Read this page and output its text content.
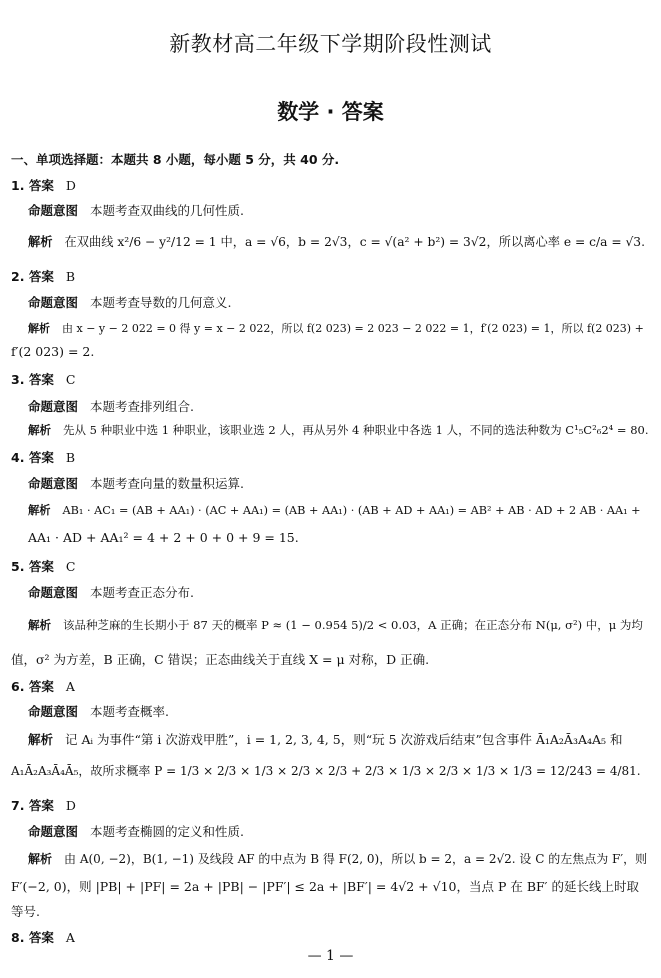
新教材高二年级下学期阶段性测试
数学 · 答案
一、单项选择题：本题共 8 小题，每小题 5 分，共 40 分.
1. 答案 D
命题意图 本题考查双曲线的几何性质.
解析 在双曲线 x²/6 − y²/12 = 1 中，a = √6，b = 2√3，c = √(a² + b²) = 3√2，所以离心率 e = c/a = √3.
2. 答案 B
命题意图 本题考查导数的几何意义.
解析 由 x − y − 2 022 = 0 得 y = x − 2 022，所以 f(2 023) = 2 023 − 2 022 = 1，f′(2 023) = 1，所以 f(2 023) +
f′(2 023) = 2.
3. 答案 C
命题意图 本题考查排列组合.
解析 先从 5 种职业中选 1 种职业，该职业选 2 人，再从另外 4 种职业中各选 1 人，不同的选法种数为 C¹₅C²₆2⁴ = 80.
4. 答案 B
命题意图 本题考查向量的数量积运算.
解析 AB₁ · AC₁ = (AB + AA₁) · (AC + AA₁) = (AB + AA₁) · (AB + AD + AA₁) = AB² + AB · AD + 2 AB · AA₁ +
AA₁ · AD + AA₁² = 4 + 2 + 0 + 0 + 9 = 15.
5. 答案 C
命题意图 本题考查正态分布.
解析 该品种芝麻的生长期小于 87 天的概率 P ≈ (1 − 0.954 5)/2 < 0.03，A 正确；在正态分布 N(μ, σ²) 中，μ 为均
值，σ² 为方差，B 正确，C 错误；正态曲线关于直线 X = μ 对称，D 正确.
6. 答案 A
命题意图 本题考查概率.
解析 记 Aᵢ 为事件“第 i 次游戏甲胜”，i = 1, 2, 3, 4, 5，则“玩 5 次游戏后结束”包含事件 Ā₁A₂Ā₃A₄A₅ 和
A₁Ā₂A₃Ā₄Ā₅，故所求概率 P = 1/3 × 2/3 × 1/3 × 2/3 × 2/3 + 2/3 × 1/3 × 2/3 × 1/3 × 1/3 = 12/243 = 4/81.
7. 答案 D
命题意图 本题考查椭圆的定义和性质.
解析 由 A(0, −2)，B(1, −1) 及线段 AF 的中点为 B 得 F(2, 0)，所以 b = 2，a = 2√2. 设 C 的左焦点为 F′，则
F′(−2, 0)，则 |PB| + |PF| = 2a + |PB| − |PF′| ≤ 2a + |BF′| = 4√2 + √10，当点 P 在 BF′ 的延长线上时取
等号.
8. 答案 A
— 1 —
